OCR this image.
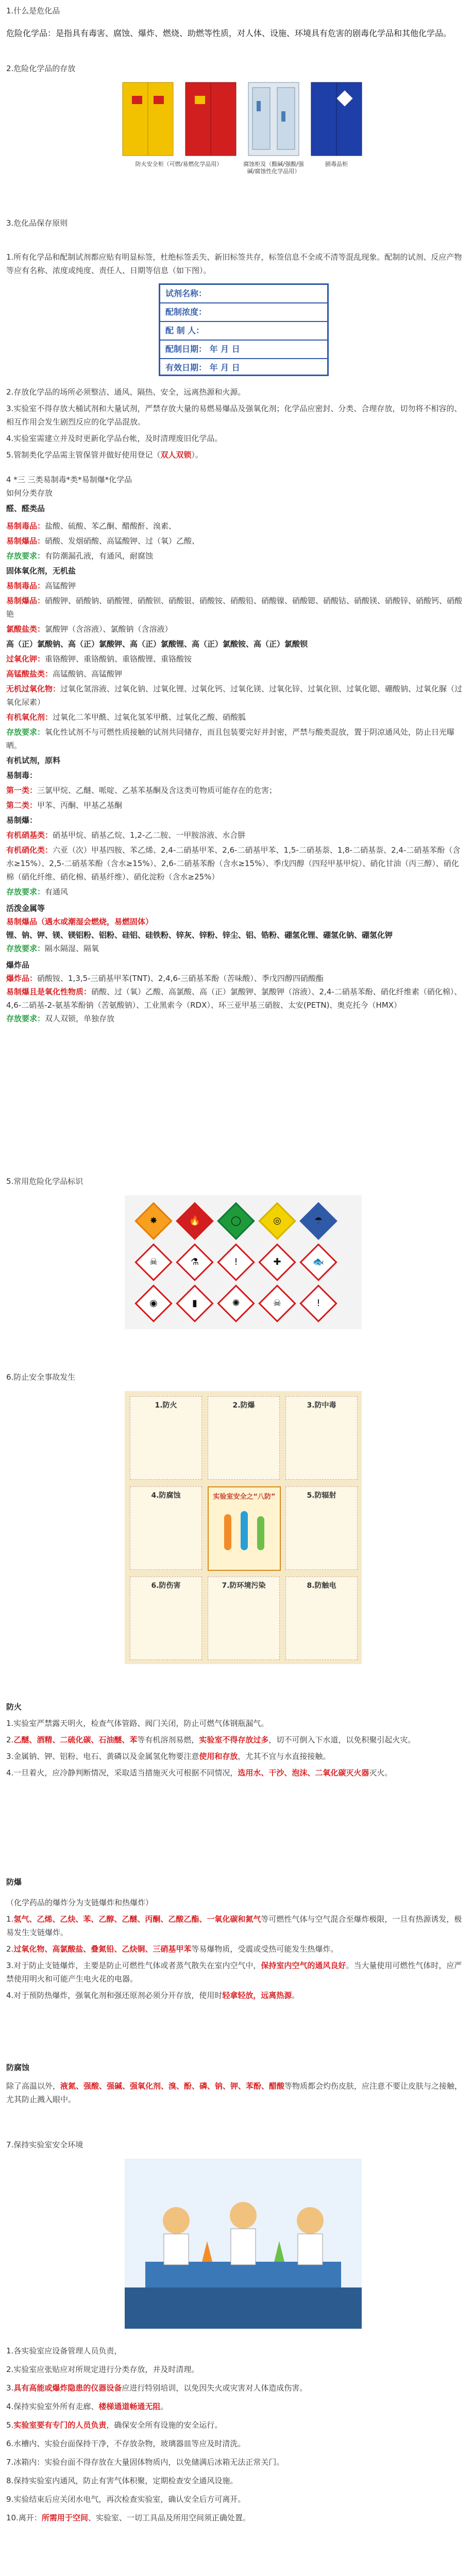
1.什么是危化品

危险化学品：是指具有毒害、腐蚀、爆炸、燃烧、助燃等性质，对人体、设施、环境具有危害的剧毒化学品和其他化学品。

2.危险化学品的存放

防火安全柜（可燃/易燃化学品用）	腐蚀柜及（酸碱/强酸/强碱/腐蚀性化学品用）
剧毒品柜

3.危化品保存原则

1.所有化学品和配制试剂都应贴有明显标签，杜绝标签丢失、新旧标签共存，标签信息不全或不清等混乱现象。配制的试剂、反应产物等应有名称、浓度或纯度、责任人、日期等信息（如下图）。

试剂名称：
配制浓度：
配 制 人：
配制日期： 年 月 日
有效日期： 年 月 日

2.存放化学品的场所必须整洁、通风、隔热、安全，远离热源和火源。

3.实验室不得存放大桶试剂和大量试剂，严禁存放大量的易燃易爆品及强氧化剂；化学品应密封、分类、合理存放，切勿将不相容的、相互作用会发生剧烈反应的化学品混放。

4.实验室需建立并及时更新化学品台帐，及时清理废旧化学品。

5.管制类化学品需主管保管并做好使用登记（双人双锁）。

4 *三 三类易制毒*类*易制爆*化学品

如何分类存放

醛、醛类品

易制毒品：盐酸、硫酸、苯乙酮、醋酸酐、溴素、

易制爆品：硝酸、发烟硝酸、高锰酸钾、过（氧）乙酸、

存放要求：有防潮漏孔液，有通风，耐腐蚀

固体氧化剂，无机盐

易制毒品：高锰酸钾

易制爆品：硝酸钾、硝酸钠、硝酸锂、硝酸钡、硝酸银、硝酸铵、硝酸铅、硝酸镍、硝酸锶、硝酸钴、硝酸镁、硝酸锌、硝酸钙、硝酸铯

氯酸盐类：氯酸钾（含溶液）、氯酸钠（含溶液）

高（正）氯酸钠、高（正）氯酸钾、高（正）氯酸锂、高（正）氯酸铵、高（正）氯酸钡

过氧化钾：重铬酸钾、重铬酸钠、重铬酸锂、重铬酸铵

高锰酸盐类：高锰酸钠、高锰酸钾

无机过氧化物：过氧化氢溶液、过氧化钠、过氧化锂、过氧化钙、过氧化镁、过氧化锌、过氧化钡、过氧化锶、硼酸钠、过氧化脲（过氧化尿素）

有机氧化剂：过氧化二苯甲酰、过氧化氢苯甲酰、过氧化乙酸、硝酸胍

存放要求：氧化性试剂不与可燃性质接触的试剂共同储存，而且包装要完好并封密，严禁与酸类混放，置于阴凉通风处，防止日光曝晒。

有机试剂，原料

易制毒：

第一类：三氯甲烷、乙醚、哌啶、乙基苯基酮及含这类可物质可能存在的危害；

第二类：甲苯、丙酮、甲基乙基酮

易制爆：

有机硝基类：硝基甲烷、硝基乙烷、1,2-乙二胺、一甲胺溶液、水合肼

有机硝化类：六亚（次）甲基四胺、苯乙烯、2,4-二硝基甲苯、2,6-二硝基甲苯、1,5-二硝基萘、1,8-二硝基萘、2,4-二硝基苯酚（含水≥15%）、2,5-二硝基苯酚（含水≥15%）、2,6-二硝基苯酚（含水≥15%）、季戊四醇（四羟甲基甲烷）、硝化甘油（丙三醇）、硝化棉（硝化纤维、硝化棉、硝基纤维）、硝化淀粉（含水≥25%）

存放要求：有通风

活泼金属等

易制爆品（遇水或潮湿会燃烧，易燃固体）

锂、钠、钾、镁、镁铝粉、铝粉、硅铝、硅铁粉、锌灰、锌粉、锌尘、铝、锆粉、硼氢化锂、硼氢化钠、硼氢化钾

存放要求：隔水隔湿、隔氧

爆炸品

爆炸品：硝酸铵、1,3,5-三硝基甲苯(TNT)、2,4,6-三硝基苯酚（苦味酸）、季戊四醇四硝酸酯

易制爆且是氧化性物质：硝酸、过（氧）乙酸、高氯酸、高（正）氯酸钾、氯酸钾（溶液）、2,4-二硝基苯酚、硝化纤维素（硝化棉）、4,6-二硝基-2-氨基苯酚钠（苦氨酸钠）、工业黑索今（RDX）、环三亚甲基三硝胺、太安(PETN)、奥克托今（HMX）

存放要求：双人双锁，单独存放

5.常用危险化学品标识

✸	🔥	◯	◎	☂
☠	⚗	!	✚	🐟
◉	▮	✺	☠	!

6.防止安全事故发生

1.防火	2.防爆	3.防中毒
4.防腐蚀	实验室安全之“八防”	5.防辐射
6.防伤害	7.防环境污染	8.防触电

防火

1.实验室严禁露天明火，检查气体管路、阀门关闭，防止可燃气体钢瓶漏气。

2.乙醚、酒精、二硫化碳、石油醚、苯等有机溶剂易燃，实验室不得存放过多，切不可倒入下水道，以免积聚引起火灾。

3.金属钠、钾、铝粉、电石、黄磷以及金属氢化物要注意使用和存放，尤其不宜与水直接接触。

4.一旦着火，应冷静判断情况，采取适当措施灭火可根据不同情况，选用水、干沙、泡沫、二氧化碳灭火器灭火。

防爆

（化学药品的爆炸分为支链爆炸和热爆炸）

1.氢气、乙烯、乙炔、苯、乙醇、乙醚、丙酮、乙酸乙酯、一氧化碳和氮气等可燃性气体与空气混合至爆炸极限，一旦有热源诱发，极易发生支链爆炸。

2.过氧化物、高氯酸盐、叠氮铅、乙炔铜、三硝基甲苯等易爆物质，受震或受热可能发生热爆炸。

3.对于防止支链爆炸，主要是防止可燃性气体或者蒸气散失在室内空气中，保持室内空气的通风良好。当大量使用可燃性气体时，应严禁使用明火和可能产生电火花的电器。

4.对于预防热爆炸，强氧化剂和强还原剂必须分开存放，使用时轻拿轻放，远离热源。

防腐蚀

除了高温以外，液氮、强酸、强碱、强氧化剂、溴、酚、磷、钠、钾、苯酚、醋酸等物质都会灼伤皮肤，应注意不要让皮肤与之接触，尤其防止溅入眼中。

7.保持实验室安全环境

1.各实验室应设备管理人员负责，

2.实验室应张贴应对所规定进行分类存放，并及时清理。

3.具有高能或爆炸隐患的仪器设备应进行特别培训，以免因失火或灾害对人体造成伤害。

4.保持实验室外所有走廊、楼梯通道畅通无阻。

5.实验室要有专门的人员负责，确保安全所有设施的安全运行。

6.水槽内、实验台面保持干净，不存放杂物，玻璃器皿等应及时清洗。

7.冰箱内：实验台面不得存放在大量固体物质内，以免储满后冰箱无法正常关门。

8.保持实验室内通风，防止有害气体积聚，定期检查安全通风设施。

9.实验结束后应关闭水电气，再次检查实验室，确认安全后方可离开。

10.离开：所需用于空间、实验室、一切工具品及所用空间须正确处置。
